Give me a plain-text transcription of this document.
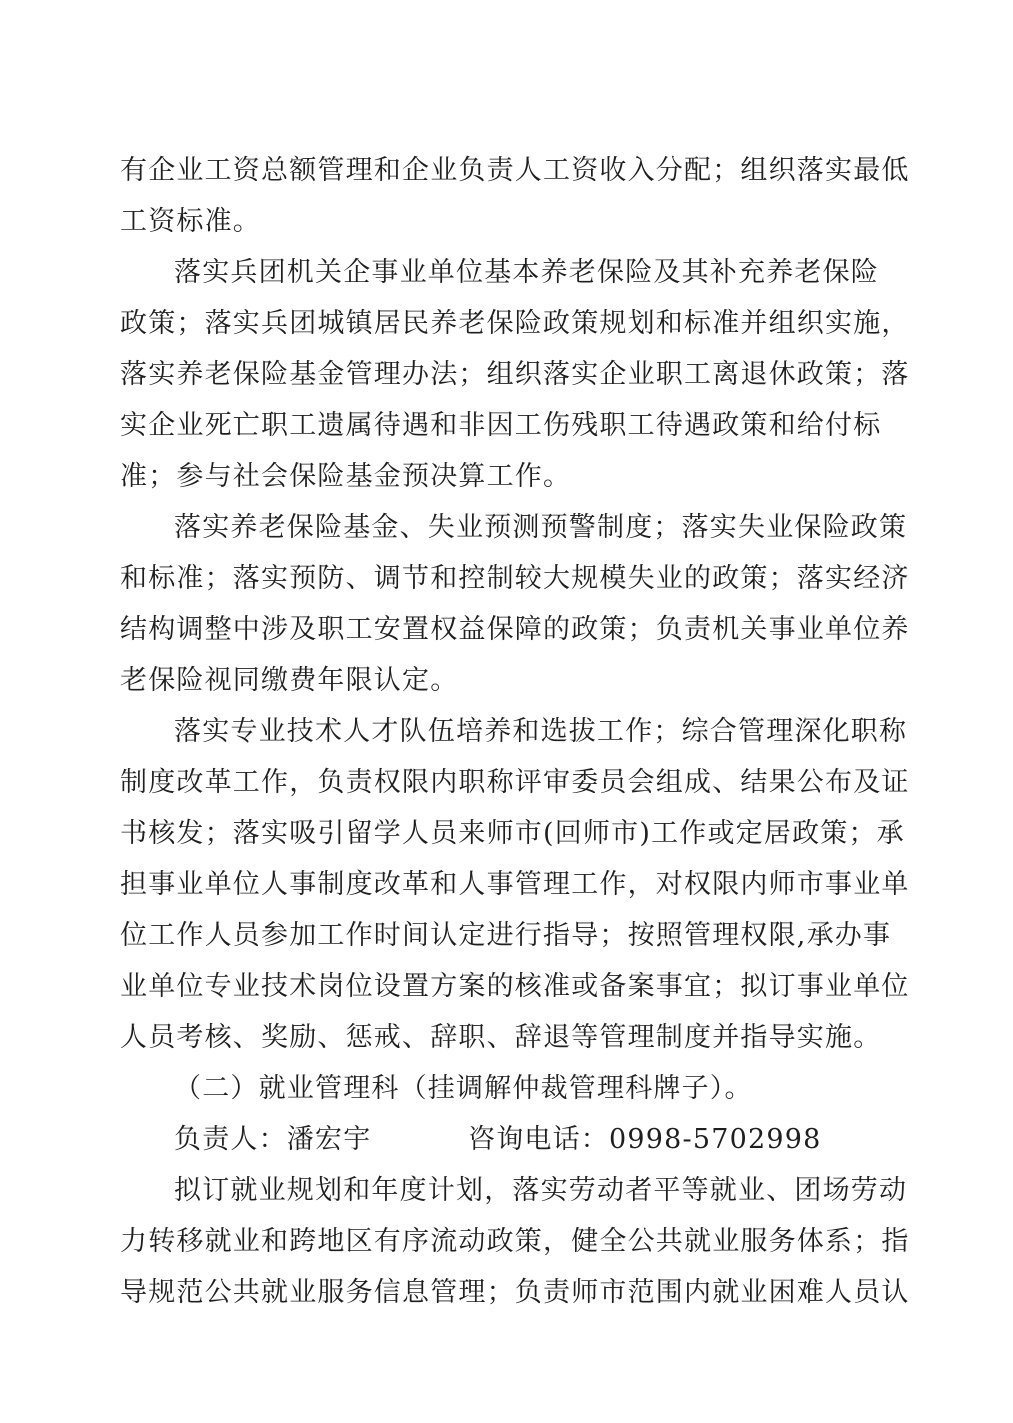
有企业工资总额管理和企业负责人工资收入分配；组织落实最低
工资标准。
落实兵团机关企事业单位基本养老保险及其补充养老保险
政策；落实兵团城镇居民养老保险政策规划和标准并组织实施，
落实养老保险基金管理办法；组织落实企业职工离退休政策；落
实企业死亡职工遗属待遇和非因工伤残职工待遇政策和给付标
准；参与社会保险基金预决算工作。
落实养老保险基金、失业预测预警制度；落实失业保险政策
和标准；落实预防、调节和控制较大规模失业的政策；落实经济
结构调整中涉及职工安置权益保障的政策；负责机关事业单位养
老保险视同缴费年限认定。
落实专业技术人才队伍培养和选拔工作；综合管理深化职称
制度改革工作，负责权限内职称评审委员会组成、结果公布及证
书核发；落实吸引留学人员来师市(回师市)工作或定居政策；承
担事业单位人事制度改革和人事管理工作，对权限内师市事业单
位工作人员参加工作时间认定进行指导；按照管理权限,承办事
业单位专业技术岗位设置方案的核准或备案事宜；拟订事业单位
人员考核、奖励、惩戒、辞职、辞退等管理制度并指导实施。
（二）就业管理科（挂调解仲裁管理科牌子）。
负责人：潘宏宇	咨询电话：0998-5702998
拟订就业规划和年度计划，落实劳动者平等就业、团场劳动
力转移就业和跨地区有序流动政策，健全公共就业服务体系；指
导规范公共就业服务信息管理；负责师市范围内就业困难人员认
